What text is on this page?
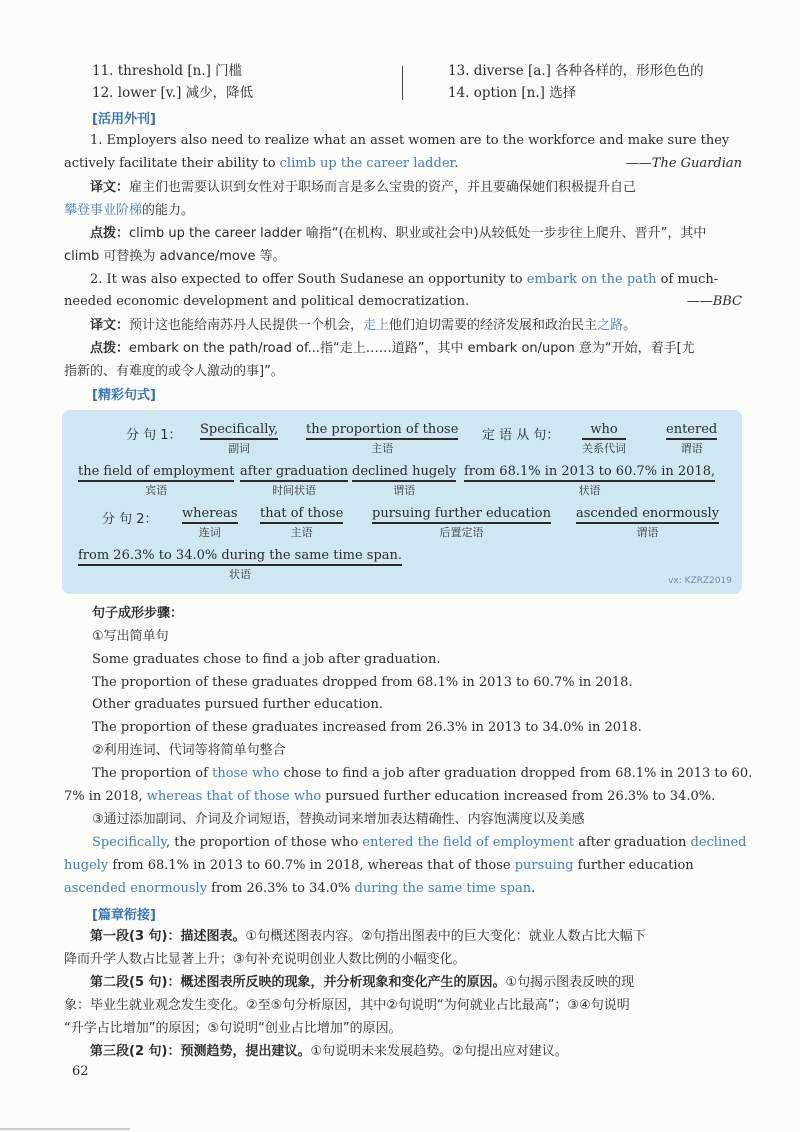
11. threshold [n.] 门槛
12. lower [v.] 减少，降低
13. diverse [a.] 各种各样的，形形色色的
14. option [n.] 选择
[活用外刊]
1. Employers also need to realize what an asset women are to the workforce and make sure they
actively facilitate their ability to climb up the career ladder.	——The Guardian
译文：雇主们也需要认识到女性对于职场而言是多么宝贵的资产，并且要确保她们积极提升自己
攀登事业阶梯的能力。
点拨：climb up the career ladder 喻指“(在机构、职业或社会中)从较低处一步步往上爬升、晋升”，其中
climb 可替换为 advance/move 等。
2. It was also expected to offer South Sudanese an opportunity to embark on the path of much-
needed economic development and political democratization.	——BBC
译文：预计这也能给南苏丹人民提供一个机会，走上他们迫切需要的经济发展和政治民主之路。
点拨：embark on the path/road of...指“走上……道路”，其中 embark on/upon 意为“开始，着手[尤
指新的、有难度的或令人激动的事]”。
[精彩句式]
分 句 1： Specifically,
副词
the proportion of those
主语
定 语 从 句：	who
关系代词
entered
谓语
the field of employment
宾语
after graduation
时间状语
declined hugely
谓语
from 68.1% in 2013 to 60.7% in 2018,
状语
分 句 2： whereas
连词
that of those
主语
pursuing further education
后置定语
ascended enormously
谓语
from 26.3% to 34.0% during the same time span.
状语	vx: KZRZ2019
句子成形步骤：
①写出简单句
Some graduates chose to find a job after graduation.
The proportion of these graduates dropped from 68.1% in 2013 to 60.7% in 2018.
Other graduates pursued further education.
The proportion of these graduates increased from 26.3% in 2013 to 34.0% in 2018.
②利用连词、代词等将简单句整合
The proportion of those who chose to find a job after graduation dropped from 68.1% in 2013 to 60.
7% in 2018, whereas that of those who pursued further education increased from 26.3% to 34.0%.
③通过添加副词、介词及介词短语，替换动词来增加表达精确性、内容饱满度以及美感
Specifically, the proportion of those who entered the field of employment after graduation declined
hugely from 68.1% in 2013 to 60.7% in 2018, whereas that of those pursuing further education
ascended enormously from 26.3% to 34.0% during the same time span.
[篇章衔接]
第一段(3 句)：描述图表。①句概述图表内容。②句指出图表中的巨大变化：就业人数占比大幅下
降而升学人数占比显著上升；③句补充说明创业人数比例的小幅变化。
第二段(5 句)：概述图表所反映的现象，并分析现象和变化产生的原因。①句揭示图表反映的现
象：毕业生就业观念发生变化。②至⑤句分析原因，其中②句说明“为何就业占比最高”；③④句说明
“升学占比增加”的原因；⑤句说明“创业占比增加”的原因。
第三段(2 句)：预测趋势，提出建议。①句说明未来发展趋势。②句提出应对建议。
62
